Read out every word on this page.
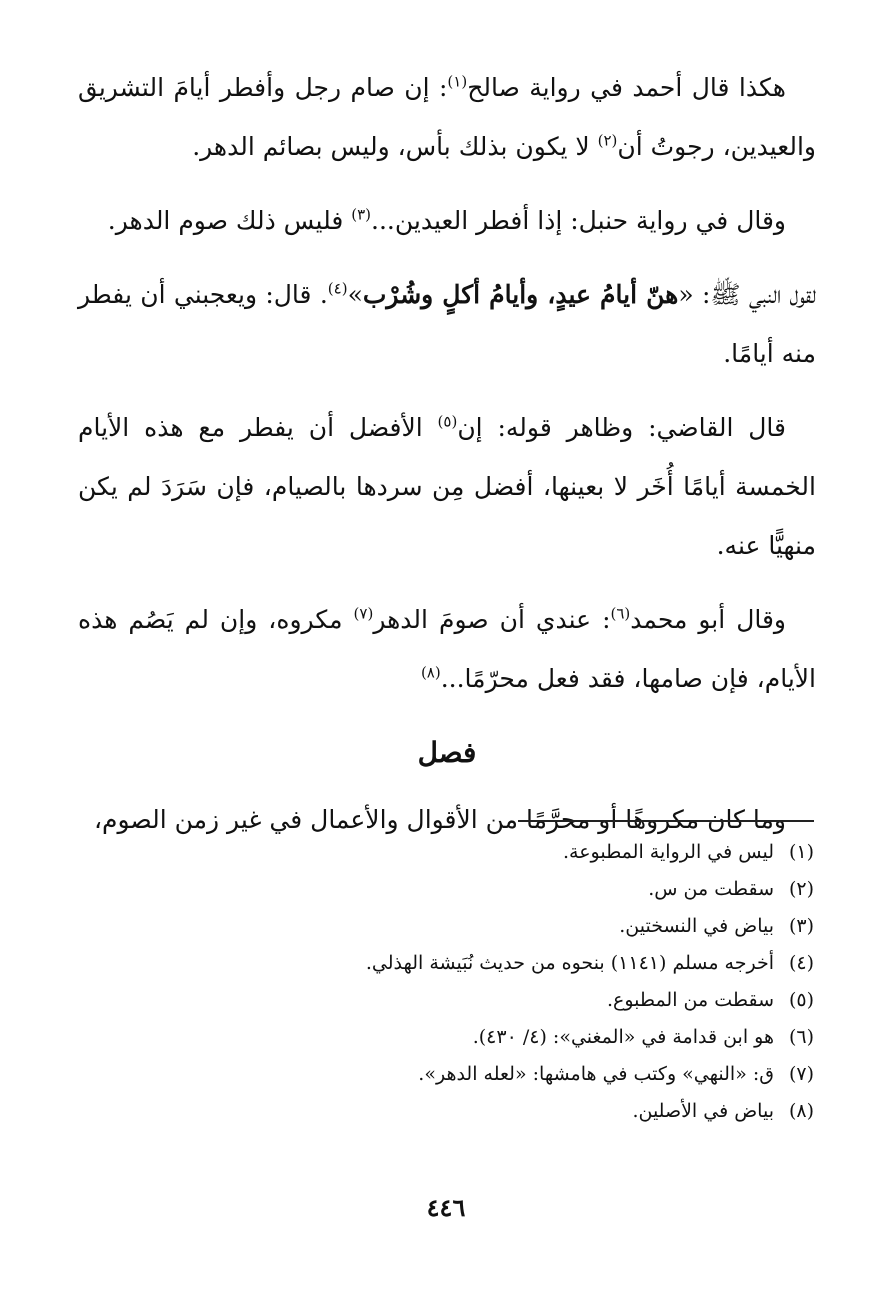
هكذا قال أحمد في رواية صالح$^{(١)}$: إن صام رجل وأفطر أيامَ التشريق والعيدين، رجوتُ أن$^{(٢)}$ لا يكون بذلك بأس، وليس بصائم الدهر.

وقال في رواية حنبل: إذا أفطر العيدين...$^{(٣)}$ فليس ذلك صوم الدهر.

لقول النبي ﷺ: «هنّ أيامُ عيدٍ، وأيامُ أكلٍ وشُرْب»$^{(٤)}$. قال: ويعجبني أن يفطر منه أيامًا.

قال القاضي: وظاهر قوله: إن$^{(٥)}$ الأفضل أن يفطر مع هذه الأيام الخمسة أيامًا أُخَر لا بعينها، أفضل مِن سردها بالصيام، فإن سَرَدَ لم يكن منهيًّا عنه.

وقال أبو محمد$^{(٦)}$: عندي أن صومَ الدهر$^{(٧)}$ مكروه، وإن لم يَصُم هذه الأيام، فإن صامها، فقد فعل محرّمًا...$^{(٨)}$

فصل

وما كان مكروهًا أو محرَّمًا من الأقوال والأعمال في غير زمن الصوم،

(١)
ليس في الرواية المطبوعة.
(٢)
سقطت من س.
(٣)
بياض في النسختين.
(٤)
أخرجه مسلم (١١٤١) بنحوه من حديث نُبَيشة الهذلي.
(٥)
سقطت من المطبوع.
(٦)
هو ابن قدامة في «المغني»: (٤/ ٤٣٠).
(٧)
ق: «النهي» وكتب في هامشها: «لعله الدهر».
(٨)
بياض في الأصلين.
٤٤٦
